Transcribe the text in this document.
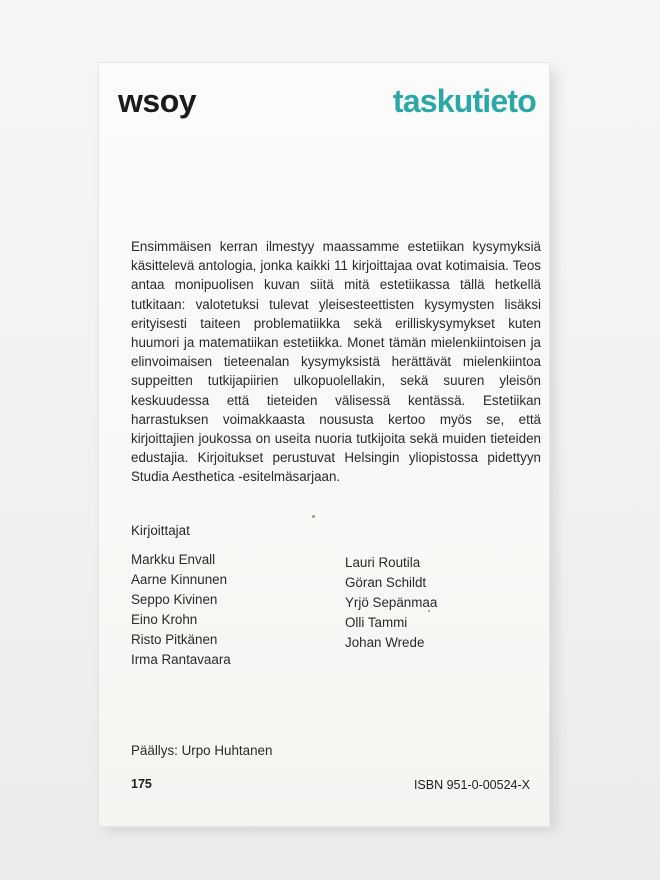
wsoy	taskutieto

Ensimmäisen kerran ilmestyy maassamme estetiikan kysymyksiä käsittelevä antologia, jonka kaikki 11 kirjoittajaa ovat kotimaisia. Teos antaa monipuolisen kuvan siitä mitä estetiikassa tällä hetkellä tutkitaan: valotetuksi tulevat yleisesteettisten kysymysten lisäksi erityisesti taiteen problematiikka sekä erilliskysymykset kuten huumori ja matematiikan estetiikka. Monet tämän mielenkiintoisen ja elinvoimaisen tieteenalan kysymyksistä herättävät mielenkiintoa suppeitten tutkijapiirien ulkopuolellakin, sekä suuren yleisön keskuudessa että tieteiden välisessä kentässä. Estetiikan harrastuksen voimakkaasta noususta kertoo myös se, että kirjoittajien joukossa on useita nuoria tutkijoita sekä muiden tieteiden edustajia. Kirjoitukset perustuvat Helsingin yliopistossa pidettyyn Studia Aesthetica -esitelmäsarjaan.

Kirjoittajat
Markku Envall
Aarne Kinnunen
Seppo Kivinen
Eino Krohn
Risto Pitkänen
Irma Rantavaara
Lauri Routila
Göran Schildt
Yrjö Sepänmaa
Olli Tammi
Johan Wrede
Päällys: Urpo Huhtanen
175	ISBN 951-0-00524-X
